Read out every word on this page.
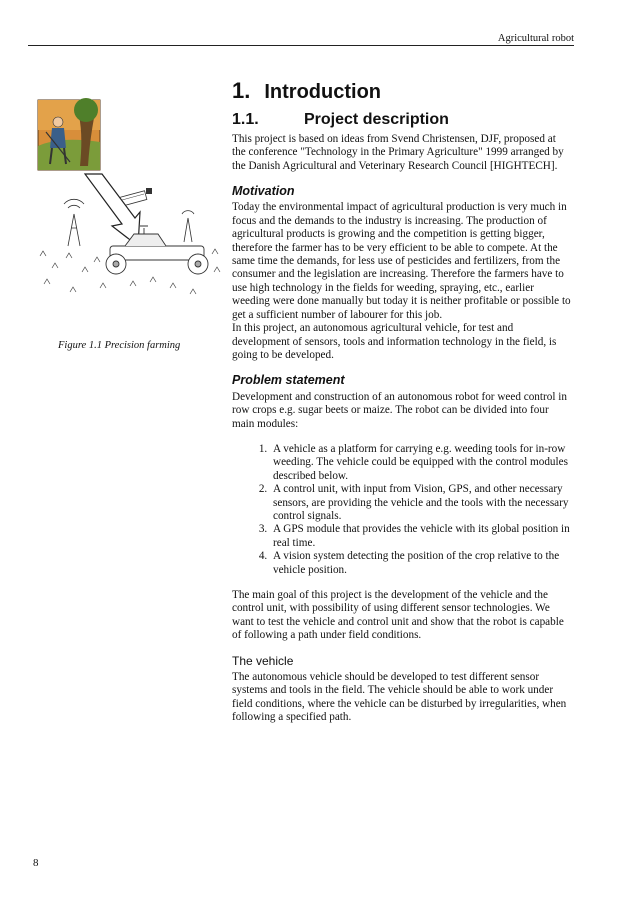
Agricultural robot
Figure 1.1 Precision farming
1. Introduction
1.1.	Project description

This project is based on ideas from Svend Christensen, DJF, proposed at the conference "Technology in the Primary Agriculture" 1999 arranged by the Danish Agricultural and Veterinary Research Council [HIGHTECH].

Motivation

Today the environmental impact of agricultural production is very much in focus and the demands to the industry is increasing. The production of agricultural products is growing and the competition is getting bigger, therefore the farmer has to be very efficient to be able to compete. At the same time the demands, for less use of pesticides and fertilizers, from the consumer and the legislation are increasing. Therefore the farmers have to use high technology in the fields for weeding, spraying, etc., earlier weeding were done manually but today it is neither profitable or possible to get a sufficient number of labourer for this job.

In this project, an autonomous agricultural vehicle, for test and development of sensors, tools and information technology in the field, is going to be developed.

Problem statement

Development and construction of an autonomous robot for weed control in row crops e.g. sugar beets or maize. The robot can be divided into four main modules:

1. A vehicle as a platform for carrying e.g. weeding tools for in-row weeding. The vehicle could be equipped with the control modules described below.
2. A control unit, with input from Vision, GPS, and other necessary sensors, are providing the vehicle and the tools with the necessary control signals.
3. A GPS module that provides the vehicle with its global position in real time.
4. A vision system detecting the position of the crop relative to the vehicle position.

The main goal of this project is the development of the vehicle and the control unit, with possibility of using different sensor technologies. We want to test the vehicle and control unit and show that the robot is capable of following a path under field conditions.

The vehicle

The autonomous vehicle should be developed to test different sensor systems and tools in the field. The vehicle should be able to work under field conditions, where the vehicle can be disturbed by irregularities, when following a specified path.

8
